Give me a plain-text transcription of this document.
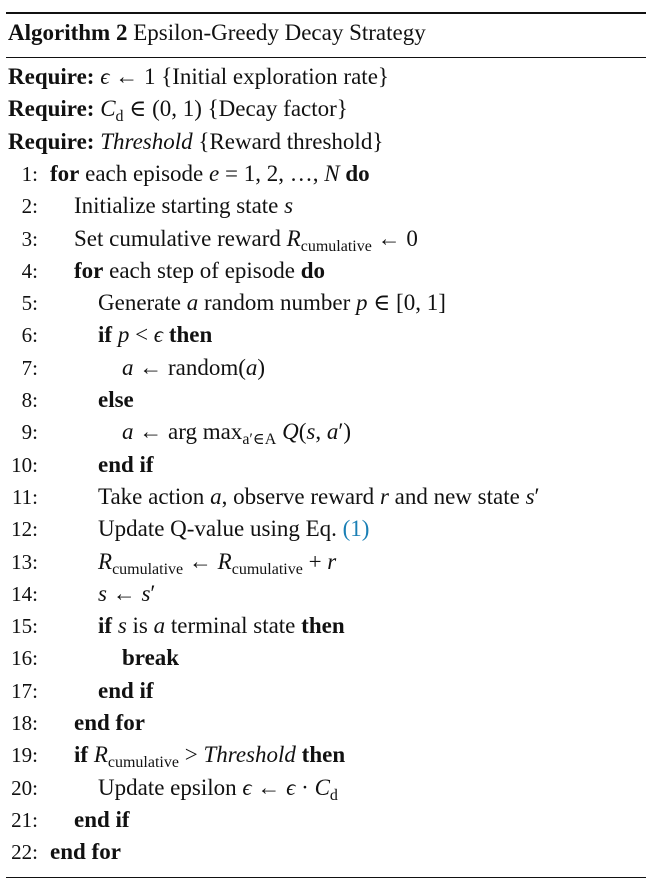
Algorithm 2 Epsilon-Greedy Decay Strategy
Require: ϵ ← 1 {Initial exploration rate}
Require: $C_d$ ∈ (0, 1) {Decay factor}
Require: Threshold {Reward threshold}
1: for each episode e = 1, 2, …, N do
2: Initialize starting state s
3: Set cumulative reward $R_{cumulative}$ ← 0
4: for each step of episode do
5:	Generate a random number p ∈ [0, 1]
6:	if p < ϵ then
7:	a ← random(a)
8:	else
9:	a ← arg $\max_{a'\in A} Q(s$, a′)
10:	end if
11:	Take action a, observe reward r and new state s′
12:	Update Q-value using Eq. (1)
13:	$R_{cumulative}$ ← $R_{cumulative} + r$
14:	s ← s′
15:	if s is a terminal state then
16:	break
17:	end if
18: end for
19: if $R_{cumulative}$ > Threshold then
20:	Update epsilon ϵ ← $\epsilon \cdot C_d$
21: end if
22: end for
